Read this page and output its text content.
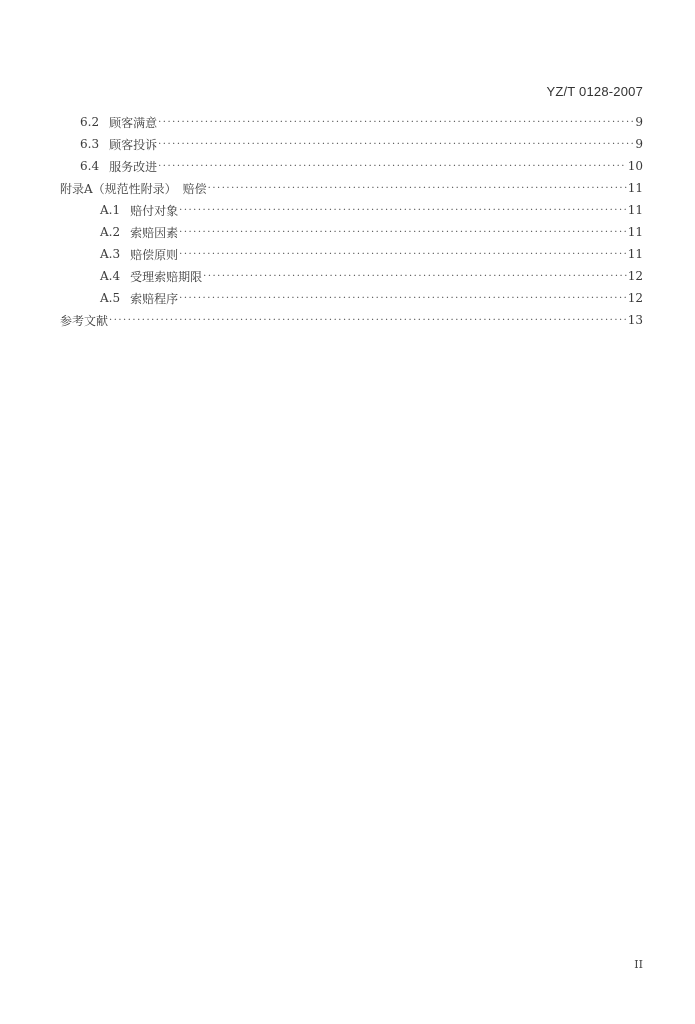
YZ/T 0128-2007
6.2 顾客满意 ·····	9
6.3 顾客投诉 ·····	9
6.4 服务改进 ·····	10
附录A（规范性附录）　赔偿 ·····	11
A.1 赔付对象 ·····	11
A.2 索赔因素 ·····	11
A.3 赔偿原则 ·····	11
A.4 受理索赔期限 ·····	12
A.5 索赔程序 ·····	12
参考文献 ·····	13
II
